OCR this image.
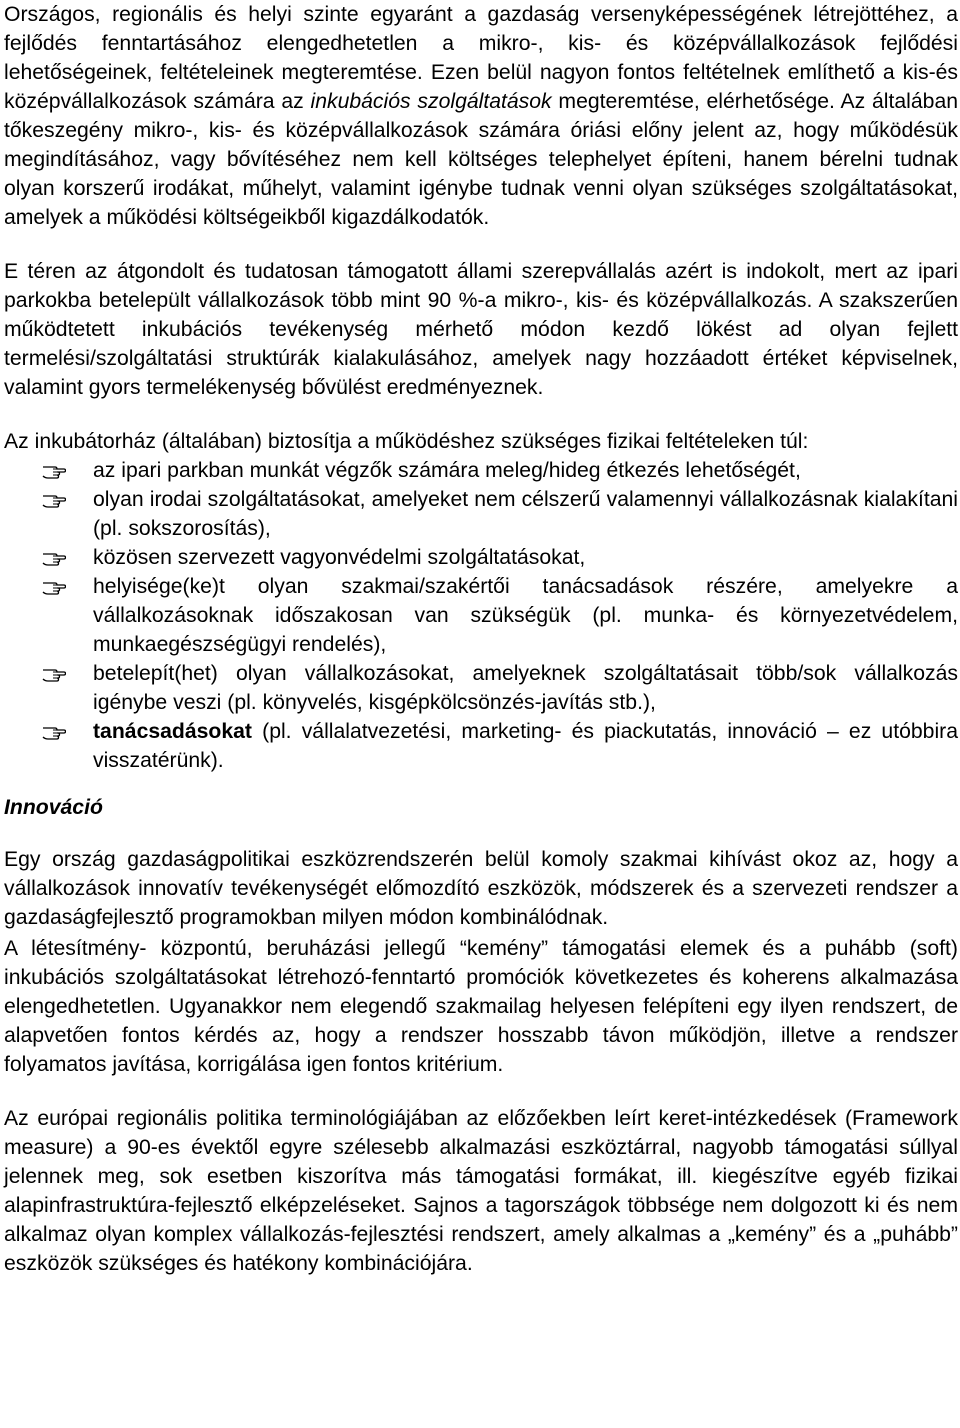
Országos, regionális és helyi szinte egyaránt a gazdaság versenyképességének létrejöttéhez, a fejlődés fenntartásához elengedhetetlen a mikro-, kis- és középvállalkozások fejlődési lehetőségeinek, feltételeinek megteremtése. Ezen belül nagyon fontos feltételnek említhető a kis-és középvállalkozások számára az inkubációs szolgáltatások megteremtése, elérhetősége. Az általában tőkeszegény mikro-, kis- és középvállalkozások számára óriási előny jelent az, hogy működésük megindításához, vagy bővítéséhez nem kell költséges telephelyet építeni, hanem bérelni tudnak olyan korszerű irodákat, műhelyt, valamint igénybe tudnak venni olyan szükséges szolgáltatásokat, amelyek a működési költségeikből kigazdálkodatók.

E téren az átgondolt és tudatosan támogatott állami szerepvállalás azért is indokolt, mert az ipari parkokba betelepült vállalkozások több mint 90 %-a mikro-, kis- és középvállalkozás. A szakszerűen működtetett inkubációs tevékenység mérhető módon kezdő lökést ad olyan fejlett termelési/szolgáltatási struktúrák kialakulásához, amelyek nagy hozzáadott értéket képviselnek, valamint gyors termelékenység bővülést eredményeznek.

Az inkubátorház (általában) biztosítja a működéshez szükséges fizikai feltételeken túl:

az ipari parkban munkát végzők számára meleg/hideg étkezés lehetőségét,
olyan irodai szolgáltatásokat, amelyeket nem célszerű valamennyi vállalkozásnak kialakítani (pl. sokszorosítás),
közösen szervezett vagyonvédelmi szolgáltatásokat,
helyisége(ke)t olyan szakmai/szakértői tanácsadások részére, amelyekre a vállalkozásoknak időszakosan van szükségük (pl. munka- és környezetvédelem, munkaegészségügyi rendelés),
betelepít(het) olyan vállalkozásokat, amelyeknek szolgáltatásait több/sok vállalkozás igénybe veszi (pl. könyvelés, kisgépkölcsönzés-javítás stb.),
tanácsadásokat (pl. vállalatvezetési, marketing- és piackutatás, innováció – ez utóbbira visszatérünk).

Innováció

Egy ország gazdaságpolitikai eszközrendszerén belül komoly szakmai kihívást okoz az, hogy a vállalkozások innovatív tevékenységét előmozdító eszközök, módszerek és a szervezeti rendszer a gazdaságfejlesztő programokban milyen módon kombinálódnak.

A létesítmény- központú, beruházási jellegű “kemény” támogatási elemek és a puhább (soft) inkubációs szolgáltatásokat létrehozó-fenntartó promóciók következetes és koherens alkalmazása elengedhetetlen. Ugyanakkor nem elegendő szakmailag helyesen felépíteni egy ilyen rendszert, de alapvetően fontos kérdés az, hogy a rendszer hosszabb távon működjön, illetve a rendszer folyamatos javítása, korrigálása igen fontos kritérium.

Az európai regionális politika terminológiájában az előzőekben leírt keret-intézkedések (Framework measure) a 90-es évektől egyre szélesebb alkalmazási eszköztárral, nagyobb támogatási súllyal jelennek meg, sok esetben kiszorítva más támogatási formákat, ill. kiegészítve egyéb fizikai alapinfrastruktúra-fejlesztő elképzeléseket. Sajnos a tagországok többsége nem dolgozott ki és nem alkalmaz olyan komplex vállalkozás-fejlesztési rendszert, amely alkalmas a „kemény” és a „puhább” eszközök szükséges és hatékony kombinációjára.
